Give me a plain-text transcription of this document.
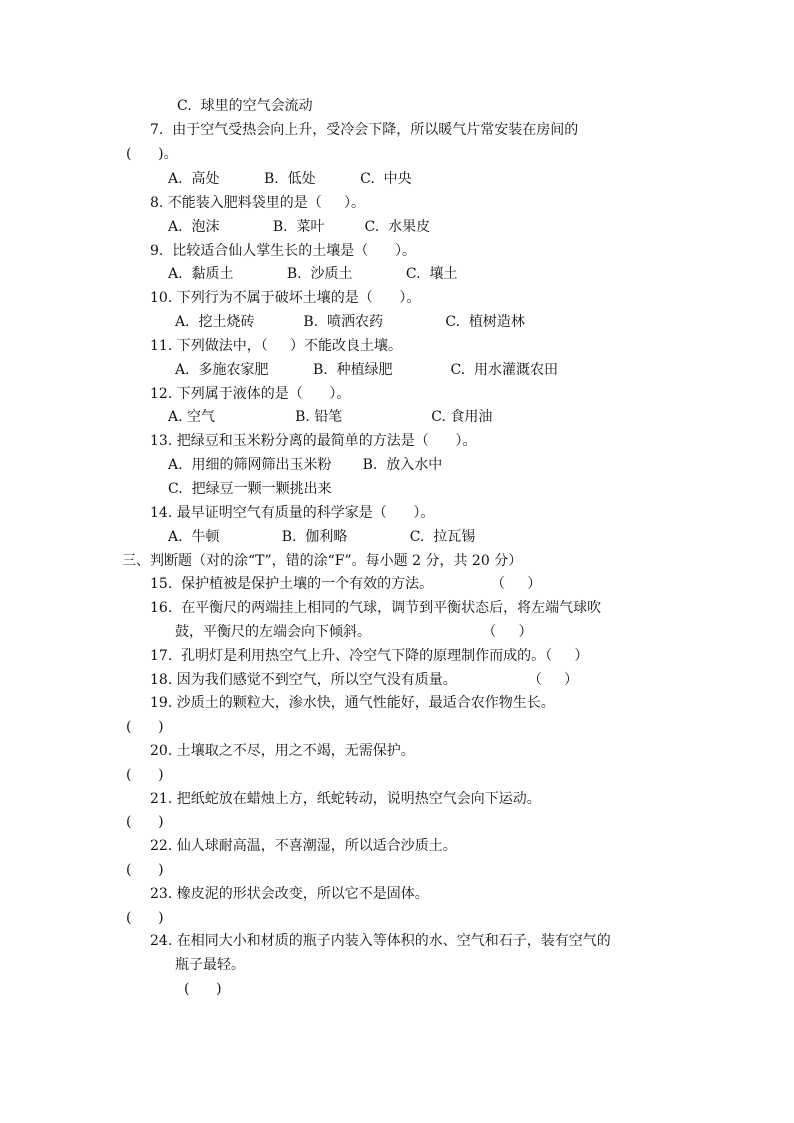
C.  球里的空气会流动
7.  由于空气受热会向上升，受冷会下降，所以暖气片常安装在房间的
(      )。
A.  高处          B.  低处          C.  中央
8. 不能装入肥料袋里的是（     ）。
A.  泡沫            B.  菜叶         C.  水果皮
9.  比较适合仙人掌生长的土壤是（      ）。
A.  黏质土            B.  沙质土            C.  壤土
10. 下列行为不属于破坏土壤的是（      ）。
A.  挖土烧砖           B.  喷洒农药              C.  植树造林
11. 下列做法中，（     ）不能改良土壤。
A.  多施农家肥          B.  种植绿肥             C.  用水灌溉农田
12. 下列属于液体的是（      ）。
A. 空气                  B. 铅笔                    C. 食用油
13. 把绿豆和玉米粉分离的最简单的方法是（      ）。
A.  用细的筛网筛出玉米粉       B.  放入水中
C.  把绿豆一颗一颗挑出来
14. 最早证明空气有质量的科学家是（      ）。
A.  牛顿              B.  伽利略              C.  拉瓦锡
三、判断题（对的涂“T”，错的涂“F”。每小题 2 分，共 20 分）
15.  保护植被是保护土壤的一个有效的方法。             （     ）
16.  在平衡尺的两端挂上相同的气球，调节到平衡状态后，将左端气球吹
鼓，平衡尺的左端会向下倾斜。                         （     ）
17.  孔明灯是利用热空气上升、冷空气下降的原理制作而成的。（     ）
18. 因为我们感觉不到空气，所以空气没有质量。                （     ）
19. 沙质土的颗粒大，渗水快，通气性能好，最适合农作物生长。
(      )
20. 土壤取之不尽，用之不竭，无需保护。
(      )
21. 把纸蛇放在蜡烛上方，纸蛇转动，说明热空气会向下运动。
(      )
22. 仙人球耐高温，不喜潮湿，所以适合沙质土。
(      )
23. 橡皮泥的形状会改变，所以它不是固体。
(      )
24. 在相同大小和材质的瓶子内装入等体积的水、空气和石子，装有空气的
瓶子最轻。
(      )
